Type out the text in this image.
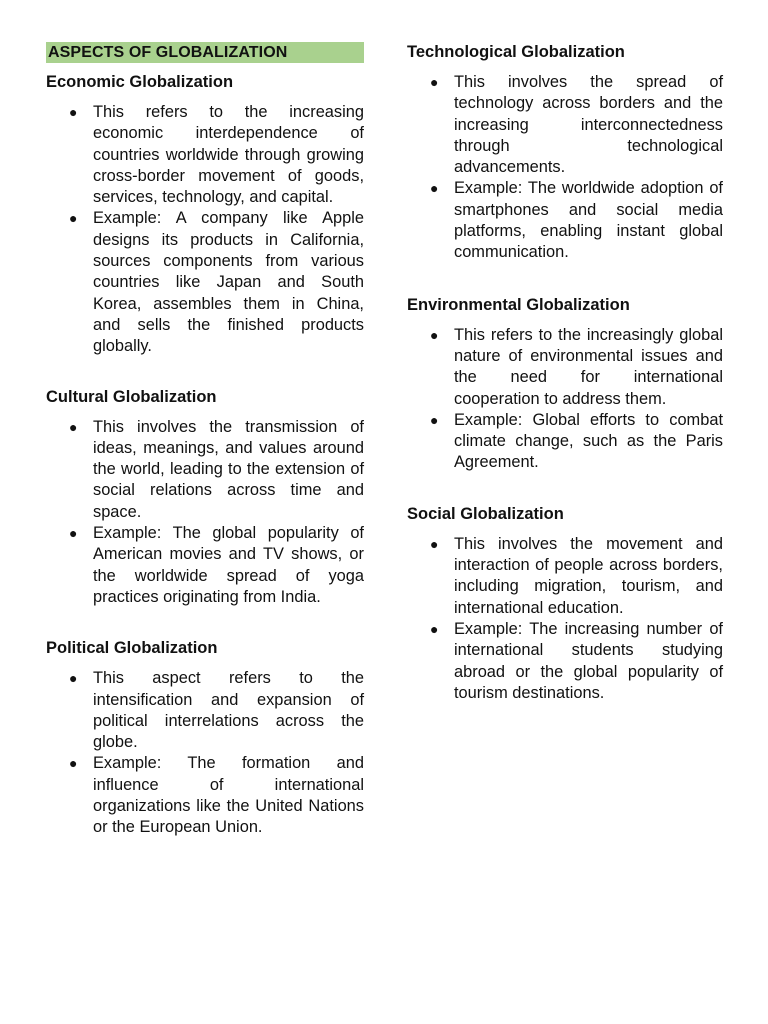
ASPECTS OF GLOBALIZATION
Economic Globalization
● This refers to the increasing economic interdependence of countries worldwide through growing cross-border movement of goods, services, technology, and capital.
● Example: A company like Apple designs its products in California, sources components from various countries like Japan and South Korea, assembles them in China, and sells the finished products globally.
Cultural Globalization
● This involves the transmission of ideas, meanings, and values around the world, leading to the extension of social relations across time and space.
● Example: The global popularity of American movies and TV shows, or the worldwide spread of yoga practices originating from India.
Political Globalization
● This aspect refers to the intensification and expansion of political interrelations across the globe.
● Example: The formation and influence of international organizations like the United Nations or the European Union.
Technological Globalization
● This involves the spread of technology across borders and the increasing interconnectedness through technological advancements.
● Example: The worldwide adoption of smartphones and social media platforms, enabling instant global communication.
Environmental Globalization
● This refers to the increasingly global nature of environmental issues and the need for international cooperation to address them.
● Example: Global efforts to combat climate change, such as the Paris Agreement.
Social Globalization
● This involves the movement and interaction of people across borders, including migration, tourism, and international education.
● Example: The increasing number of international students studying abroad or the global popularity of tourism destinations.
